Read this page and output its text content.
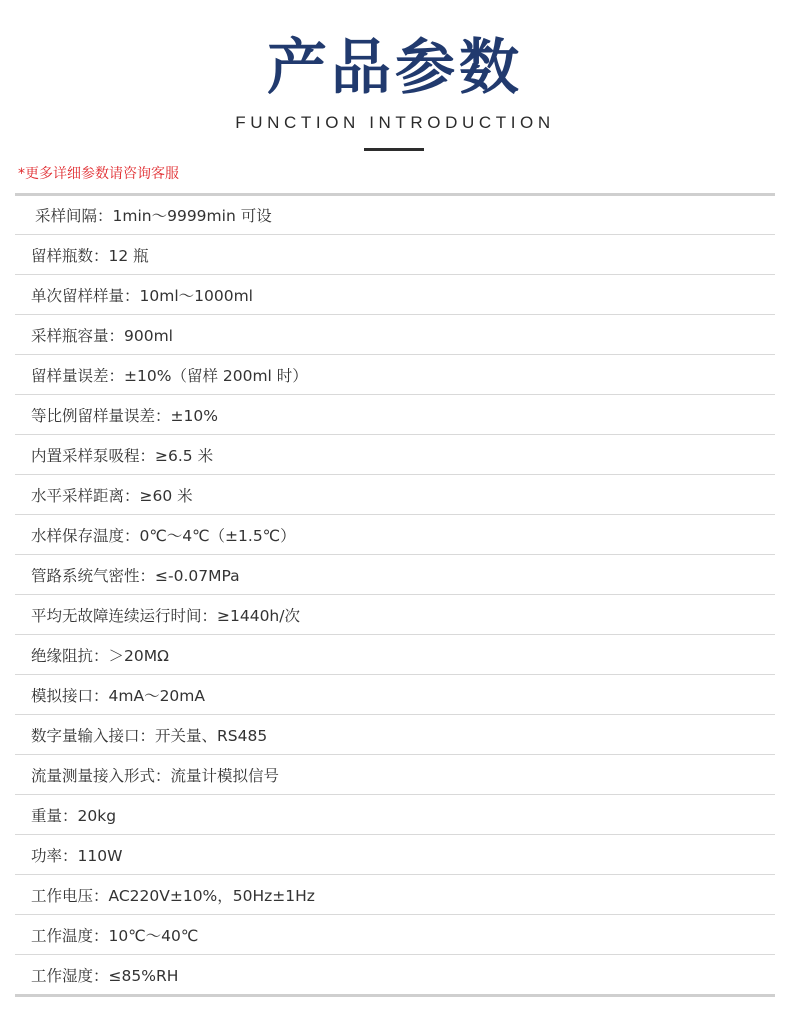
产品参数
FUNCTION INTRODUCTION
*更多详细参数请咨询客服
采样间隔：1min～9999min 可设
留样瓶数：12 瓶
单次留样样量：10ml～1000ml
采样瓶容量：900ml
留样量误差：±10%（留样 200ml 时）
等比例留样量误差：±10%
内置采样泵吸程：≥6.5 米
水平采样距离：≥60 米
水样保存温度：0℃～4℃（±1.5℃）
管路系统气密性：≤-0.07MPa
平均无故障连续运行时间：≥1440h/次
绝缘阻抗：＞20MΩ
模拟接口：4mA～20mA
数字量输入接口：开关量、RS485
流量测量接入形式：流量计模拟信号
重量：20kg
功率：110W
工作电压：AC220V±10%，50Hz±1Hz
工作温度：10℃～40℃
工作湿度：≤85%RH
